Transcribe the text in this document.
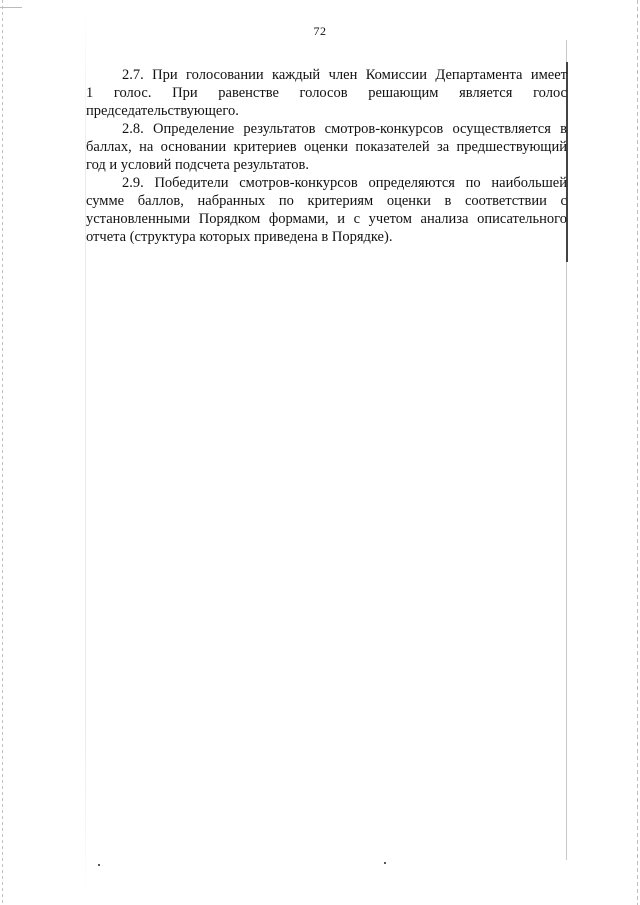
72

2.7. При голосовании каждый член Комиссии Департамента имеет
1 голос. При равенстве голосов решающим является голос
председательствующего.

2.8. Определение результатов смотров-конкурсов осуществляется в
баллах, на основании критериев оценки показателей за предшествующий
год и условий подсчета результатов.

2.9. Победители смотров-конкурсов определяются по наибольшей
сумме баллов, набранных по критериям оценки в соответствии с
установленными Порядком формами, и с учетом анализа описательного
отчета (структура которых приведена в Порядке).
